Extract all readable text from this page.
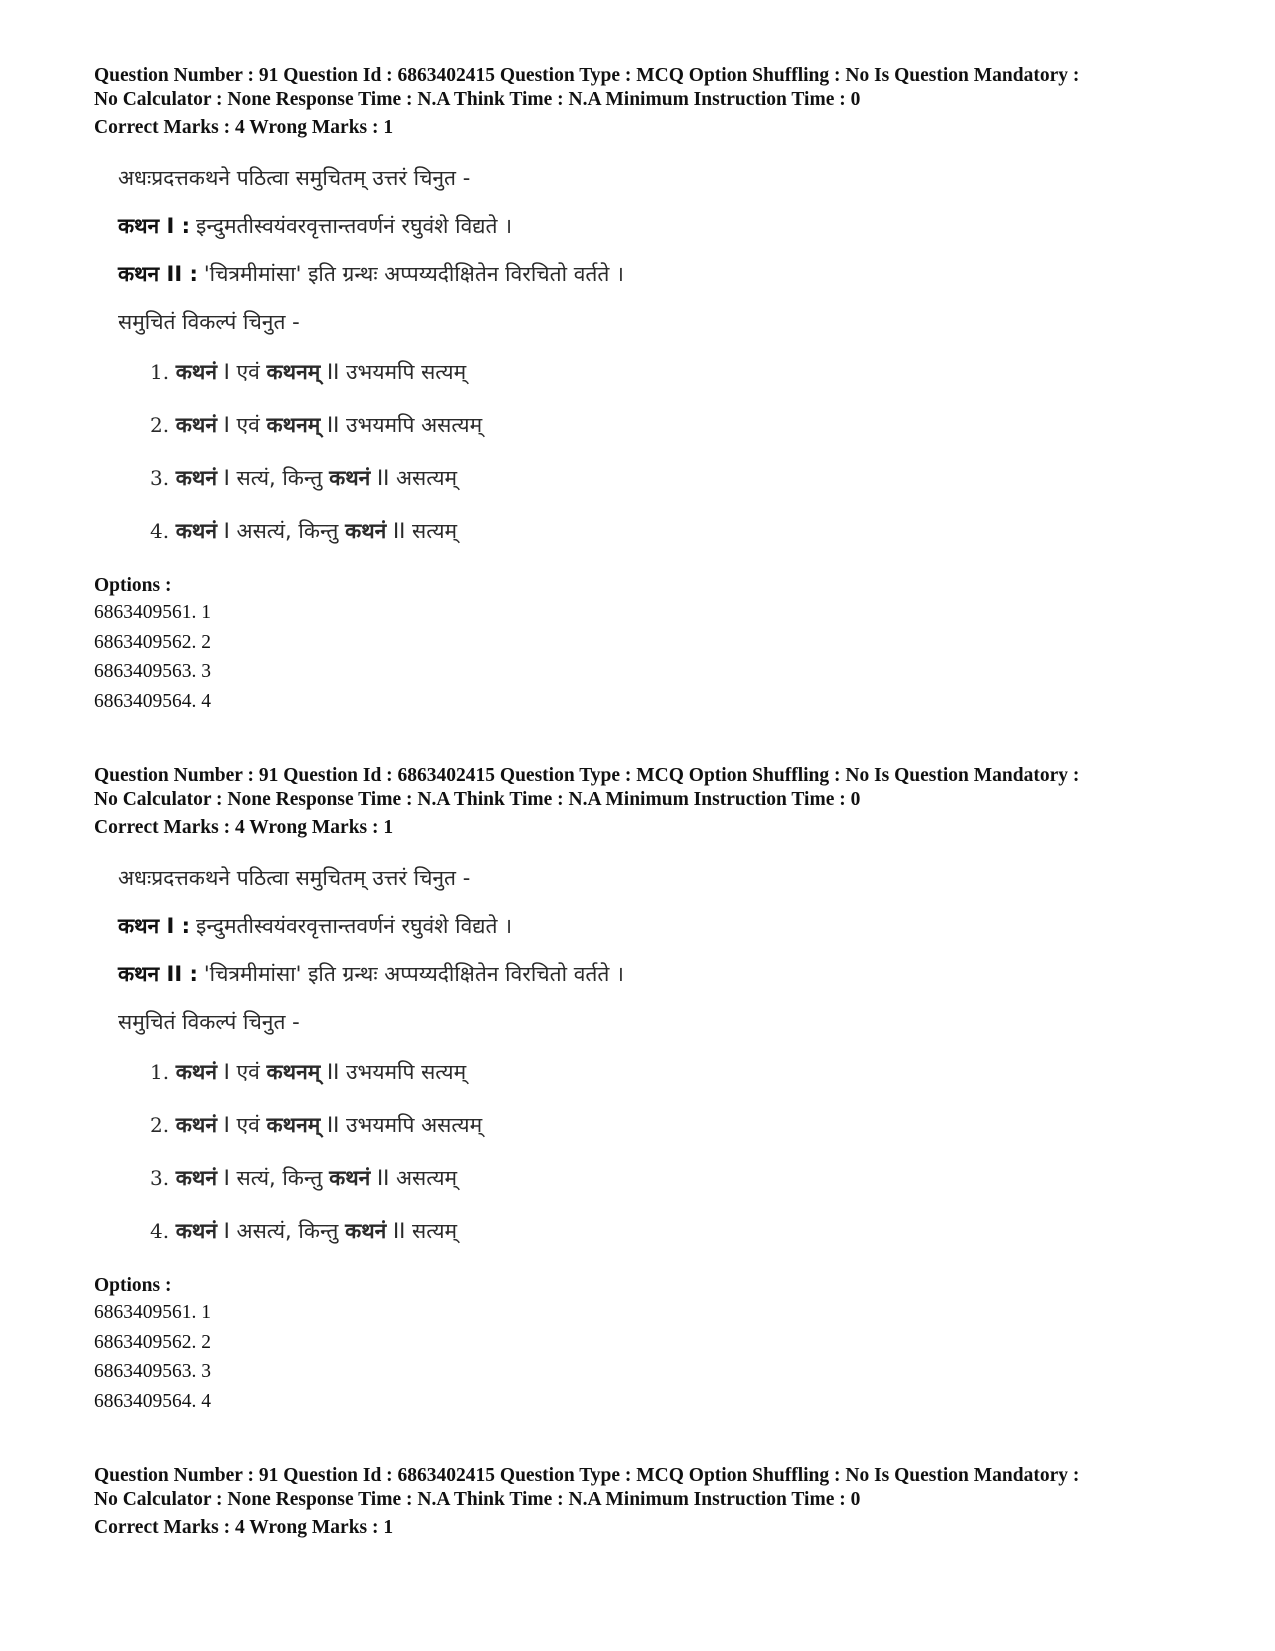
Question Number : 91 Question Id : 6863402415 Question Type : MCQ Option Shuffling : No Is Question Mandatory :
No Calculator : None Response Time : N.A Think Time : N.A Minimum Instruction Time : 0
Correct Marks : 4 Wrong Marks : 1
अधःप्रदत्तकथने पठित्वा समुचितम् उत्तरं चिनुत -
कथन I : इन्दुमतीस्वयंवरवृत्तान्तवर्णनं रघुवंशे विद्यते ।
कथन II : 'चित्रमीमांसा' इति ग्रन्थः अप्पय्यदीक्षितेन विरचितो वर्तते ।
समुचितं विकल्पं चिनुत -
1. कथनं I एवं कथनम् II उभयमपि सत्यम्
2. कथनं I एवं कथनम् II उभयमपि असत्यम्
3. कथनं I सत्यं, किन्तु कथनं II असत्यम्
4. कथनं I असत्यं, किन्तु कथनं II सत्यम्
Options :
6863409561. 1
6863409562. 2
6863409563. 3
6863409564. 4
Question Number : 91 Question Id : 6863402415 Question Type : MCQ Option Shuffling : No Is Question Mandatory :
No Calculator : None Response Time : N.A Think Time : N.A Minimum Instruction Time : 0
Correct Marks : 4 Wrong Marks : 1
अधःप्रदत्तकथने पठित्वा समुचितम् उत्तरं चिनुत -
कथन I : इन्दुमतीस्वयंवरवृत्तान्तवर्णनं रघुवंशे विद्यते ।
कथन II : 'चित्रमीमांसा' इति ग्रन्थः अप्पय्यदीक्षितेन विरचितो वर्तते ।
समुचितं विकल्पं चिनुत -
1. कथनं I एवं कथनम् II उभयमपि सत्यम्
2. कथनं I एवं कथनम् II उभयमपि असत्यम्
3. कथनं I सत्यं, किन्तु कथनं II असत्यम्
4. कथनं I असत्यं, किन्तु कथनं II सत्यम्
Options :
6863409561. 1
6863409562. 2
6863409563. 3
6863409564. 4
Question Number : 91 Question Id : 6863402415 Question Type : MCQ Option Shuffling : No Is Question Mandatory :
No Calculator : None Response Time : N.A Think Time : N.A Minimum Instruction Time : 0
Correct Marks : 4 Wrong Marks : 1
